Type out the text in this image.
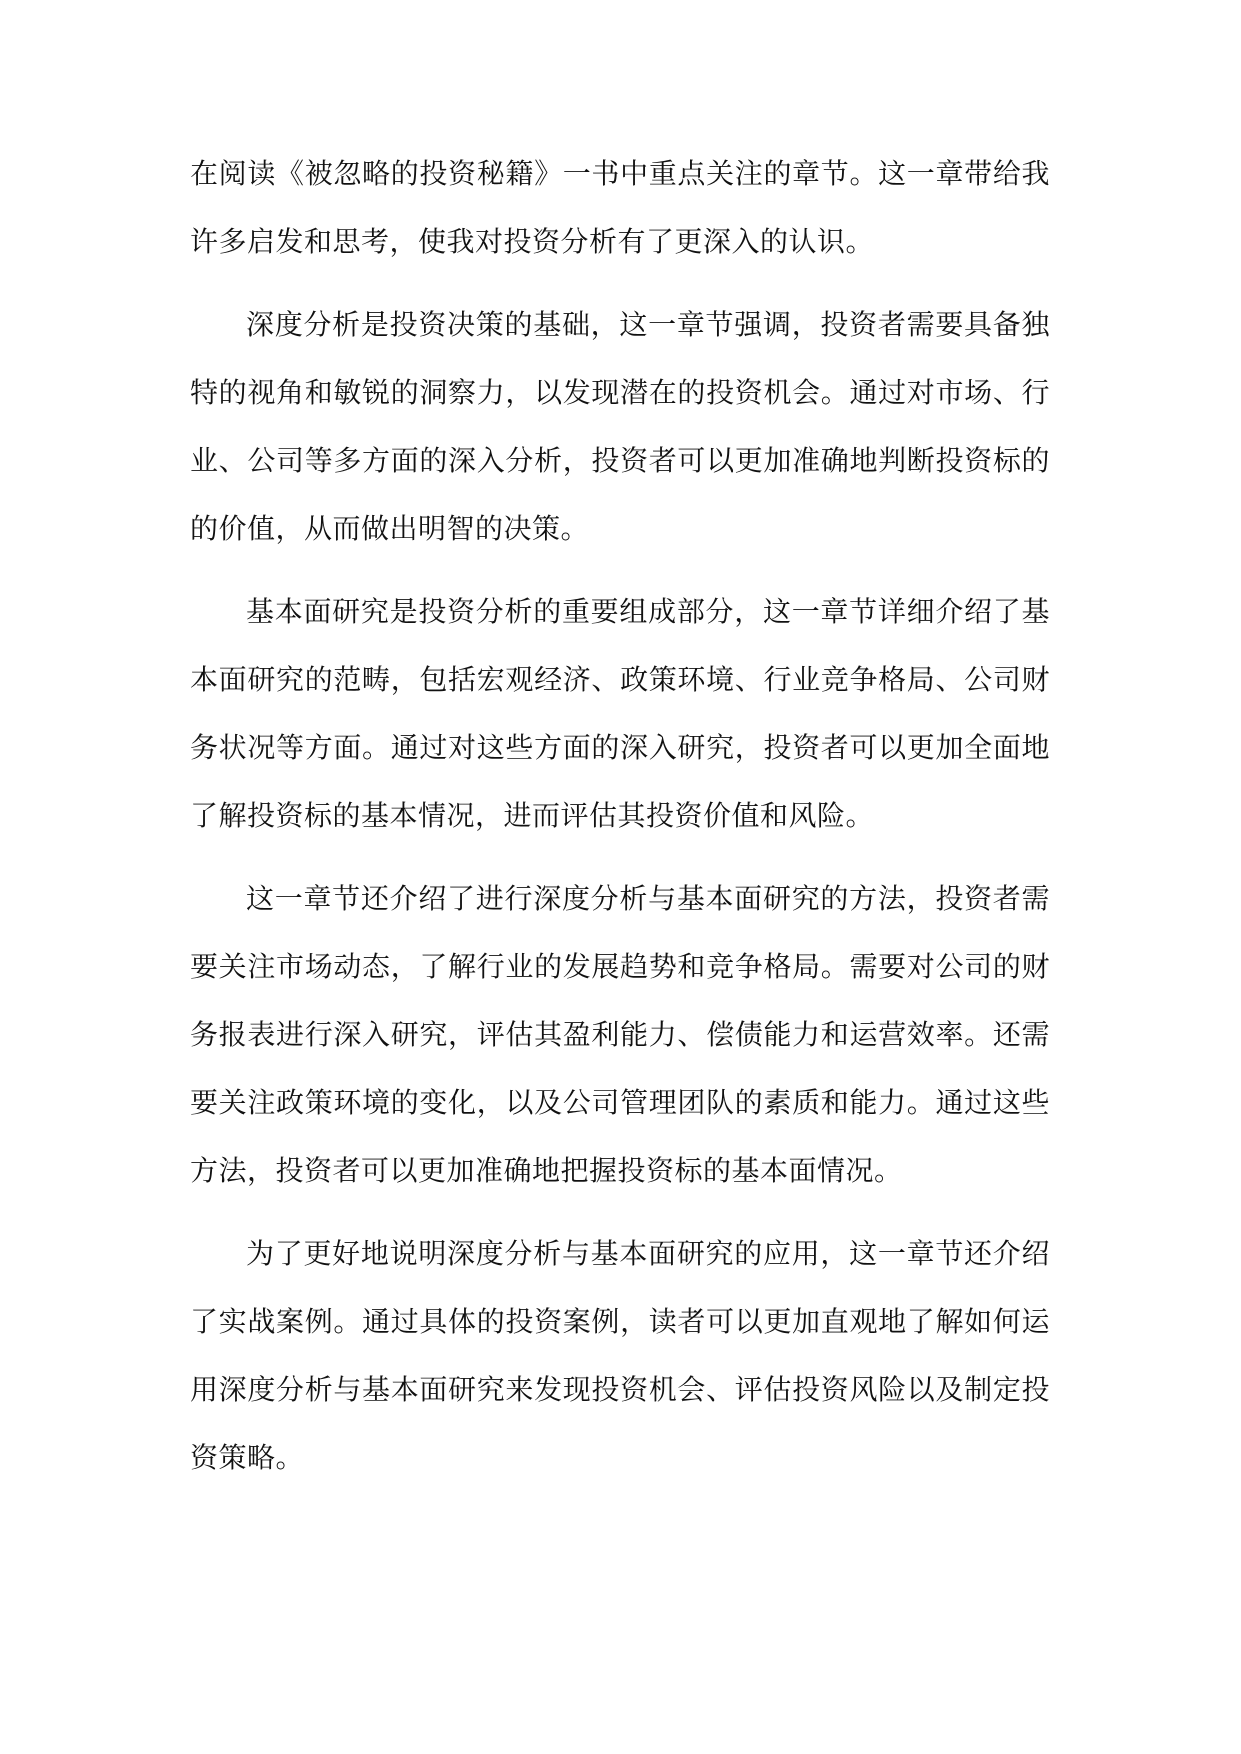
在阅读《被忽略的投资秘籍》一书中重点关注的章节。这一章带给我许多启发和思考，使我对投资分析有了更深入的认识。

深度分析是投资决策的基础，这一章节强调，投资者需要具备独特的视角和敏锐的洞察力，以发现潜在的投资机会。通过对市场、行业、公司等多方面的深入分析，投资者可以更加准确地判断投资标的的价值，从而做出明智的决策。

基本面研究是投资分析的重要组成部分，这一章节详细介绍了基本面研究的范畴，包括宏观经济、政策环境、行业竞争格局、公司财务状况等方面。通过对这些方面的深入研究，投资者可以更加全面地了解投资标的基本情况，进而评估其投资价值和风险。

这一章节还介绍了进行深度分析与基本面研究的方法，投资者需要关注市场动态，了解行业的发展趋势和竞争格局。需要对公司的财务报表进行深入研究，评估其盈利能力、偿债能力和运营效率。还需要关注政策环境的变化，以及公司管理团队的素质和能力。通过这些方法，投资者可以更加准确地把握投资标的基本面情况。

为了更好地说明深度分析与基本面研究的应用，这一章节还介绍了实战案例。通过具体的投资案例，读者可以更加直观地了解如何运用深度分析与基本面研究来发现投资机会、评估投资风险以及制定投资策略。
